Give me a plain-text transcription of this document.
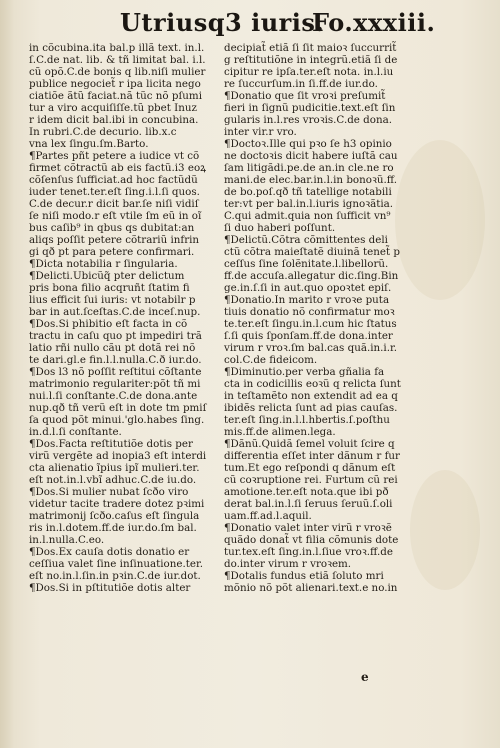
Utriusq3 iuris.
Fo.xxxiii.
in cõcubina.ita bal.p illã text. in.l.
ſ.C.de nat. lib. & tñ limitat bal. i.l.
cũ opõ.C.de bonis q lib.niſi mulier
publice negociet̃ r ipa licita nego
ciatiõe ãtũ faciat.nã tũc nõ pſumi
tur a viro acquiſiſſe.tũ pbet Inuz
r idem dicit bal.ibi in concubina.
In rubri.C.de decurio. lib.x.c
vna lex ſingu.ſm.Barto.
¶Partes pñt petere a iudice vt cõ
firmet cõtractũ ab eis factũ.i3 eoꝝ
cõſenſus ſufficiat.ad hoc factũdũ
iuder tenet.ter.eſt ſing.i.l.ſi quos.
C.de decur.r dicit bar.ſe niſi vidiſ
ſe niſi modo.r eſt vtile ſm eũ in oĩ
bus caſib⁹ in qbus qs dubitat:an
aliqs poſſit petere cõtrariũ infrin
gi qð pt para petere confirmari.
¶Dicta notabilia r ſingularia.
¶Delicti.Ubicũq̃ pter delictum
pris bona filio acqruñt ſtatim fi
lius efficit ſui iuris: vt notabilr p
bar in aut.ſceſtas.C.de inceſ.nup.
¶Dos.Si phibitio eſt facta in cõ
tractu in caſu quo pt impediri trã
latio rñi nullo cãu pt dotã rei nõ
te dari.gl.e fin.l.l.nulla.C.ð iur.do.
¶Dos l3 nõ poſſit reſtitui cõſtante
matrimonio regulariter:põt tñ mi
nui.l.ſi conſtante.C.de dona.ante
nup.qð tñ verũ eſt in dote tm pmiſ
ſa quod põt minui.'glo.habes ſing.
in.d.l.ſi conſtante.
¶Dos.Facta reſtitutiõe dotis per
virũ vergẽte ad inopia3 eſt interdi
cta alienatio ĩpius ipĩ mulieri.ter.
eſt not.in.l.vbĩ adhuc.C.de iu.do.
¶Dos.Si mulier nubat ſcðo viro
videtur tacite tradere dotez pꝛimi
matrimonij ſcðo.caſus eſt ſingula
ris in.l.dotem.ff.de iur.do.ſm bal.
in.l.nulla.C.eo.
¶Dos.Ex cauſa dotis donatio er
ceſſiua valet ſine inſinuatione.ter.
eſt no.in.l.ſin.in pꝛin.C.de iur.dot.
¶Dos.Si in pſtitutiõe dotis alter
decipiat̃ etiã ſi ſit maioꝛ ſuccurrit̃
g reſtitutiõne in integrũ.etiã ſi de
cipitur re ipſa.ter.eſt nota. in.l.iu
re ſuccurſum.in ſi.ff.de iur.do.
¶Donatio que ſit vroꝛi preſumit̃
fieri in ſignũ pudicitie.text.eſt ſin
gularis in.l.res vroꝛis.C.de dona.
inter vir.r vro.
¶Doctoꝛ.Ille qui pꝛo ſe h3 opinio
ne doctoꝛis dicit habere iuſtã cau
ſam litigãdi.pe.de an.in cle.ne ro
mani.de elec.bar.in.l.in bonoꝛũ.ff.
de bo.poſ.qð tñ tatellige notabili
ter:vt per bal.in.l.iuris ignoꝛãtia.
C.qui admit.quia non ſufficit vn⁹
ſi duo haberi poſſunt.
¶Delictũ.Cõtra cõmittentes deli
ctũ cõtra maieſtatẽ diuinã tenet̃ p
ceſſus ſine ſolẽnitate.l.libellorũ.
ff.de accuſa.allegatur dic.ſing.Bin
ge.in.ſ.ſi in aut.quo opoꝛtet epiſ.
¶Donatio.In marito r vroꝛe puta
tiuis donatio nõ confirmatur moꝛ
te.ter.eſt ſingu.in.l.cum hic ſtatus
ſ.ſi quis ſponſam.ff.de dona.inter
virum r vroꝛ.ſm bal.cas quã.in.i.r.
col.C.de fideicom.
¶Diminutio.per verba gñalia fa
cta in codicillis eoꝛũ q relicta ſunt
in teſtamẽto non extendit ad ea q
ibidẽs relicta ſunt ad pias cauſas.
ter.eſt ſing.in.l.l.hbertis.ſ.poſthu
mis.ff.de alimen.lega.
¶Dãnũ.Quidã ſemel voluit ſcire q
differentia eſſet inter dãnum r fur
tum.Et ego reſpondi q dãnum eſt
cũ coꝛruptione rei. Furtum cũ rei
amotione.ter.eſt nota.que ibi pð
derat bal.in.l.ſi ſeruus ſeruũ.ſ.oli
uam.ff.ad.l.aquil.
¶Donatio valet inter virũ r vroꝛẽ
quãdo donat̃ vt filia cõmunis dote
tur.tex.eſt ſing.in.l.ſiue vroꝛ.ff.de
do.inter virum r vroꝛem.
¶Dotalis fundus etiã ſoluto mri
mõnio nõ põt alienari.text.e no.in
e
